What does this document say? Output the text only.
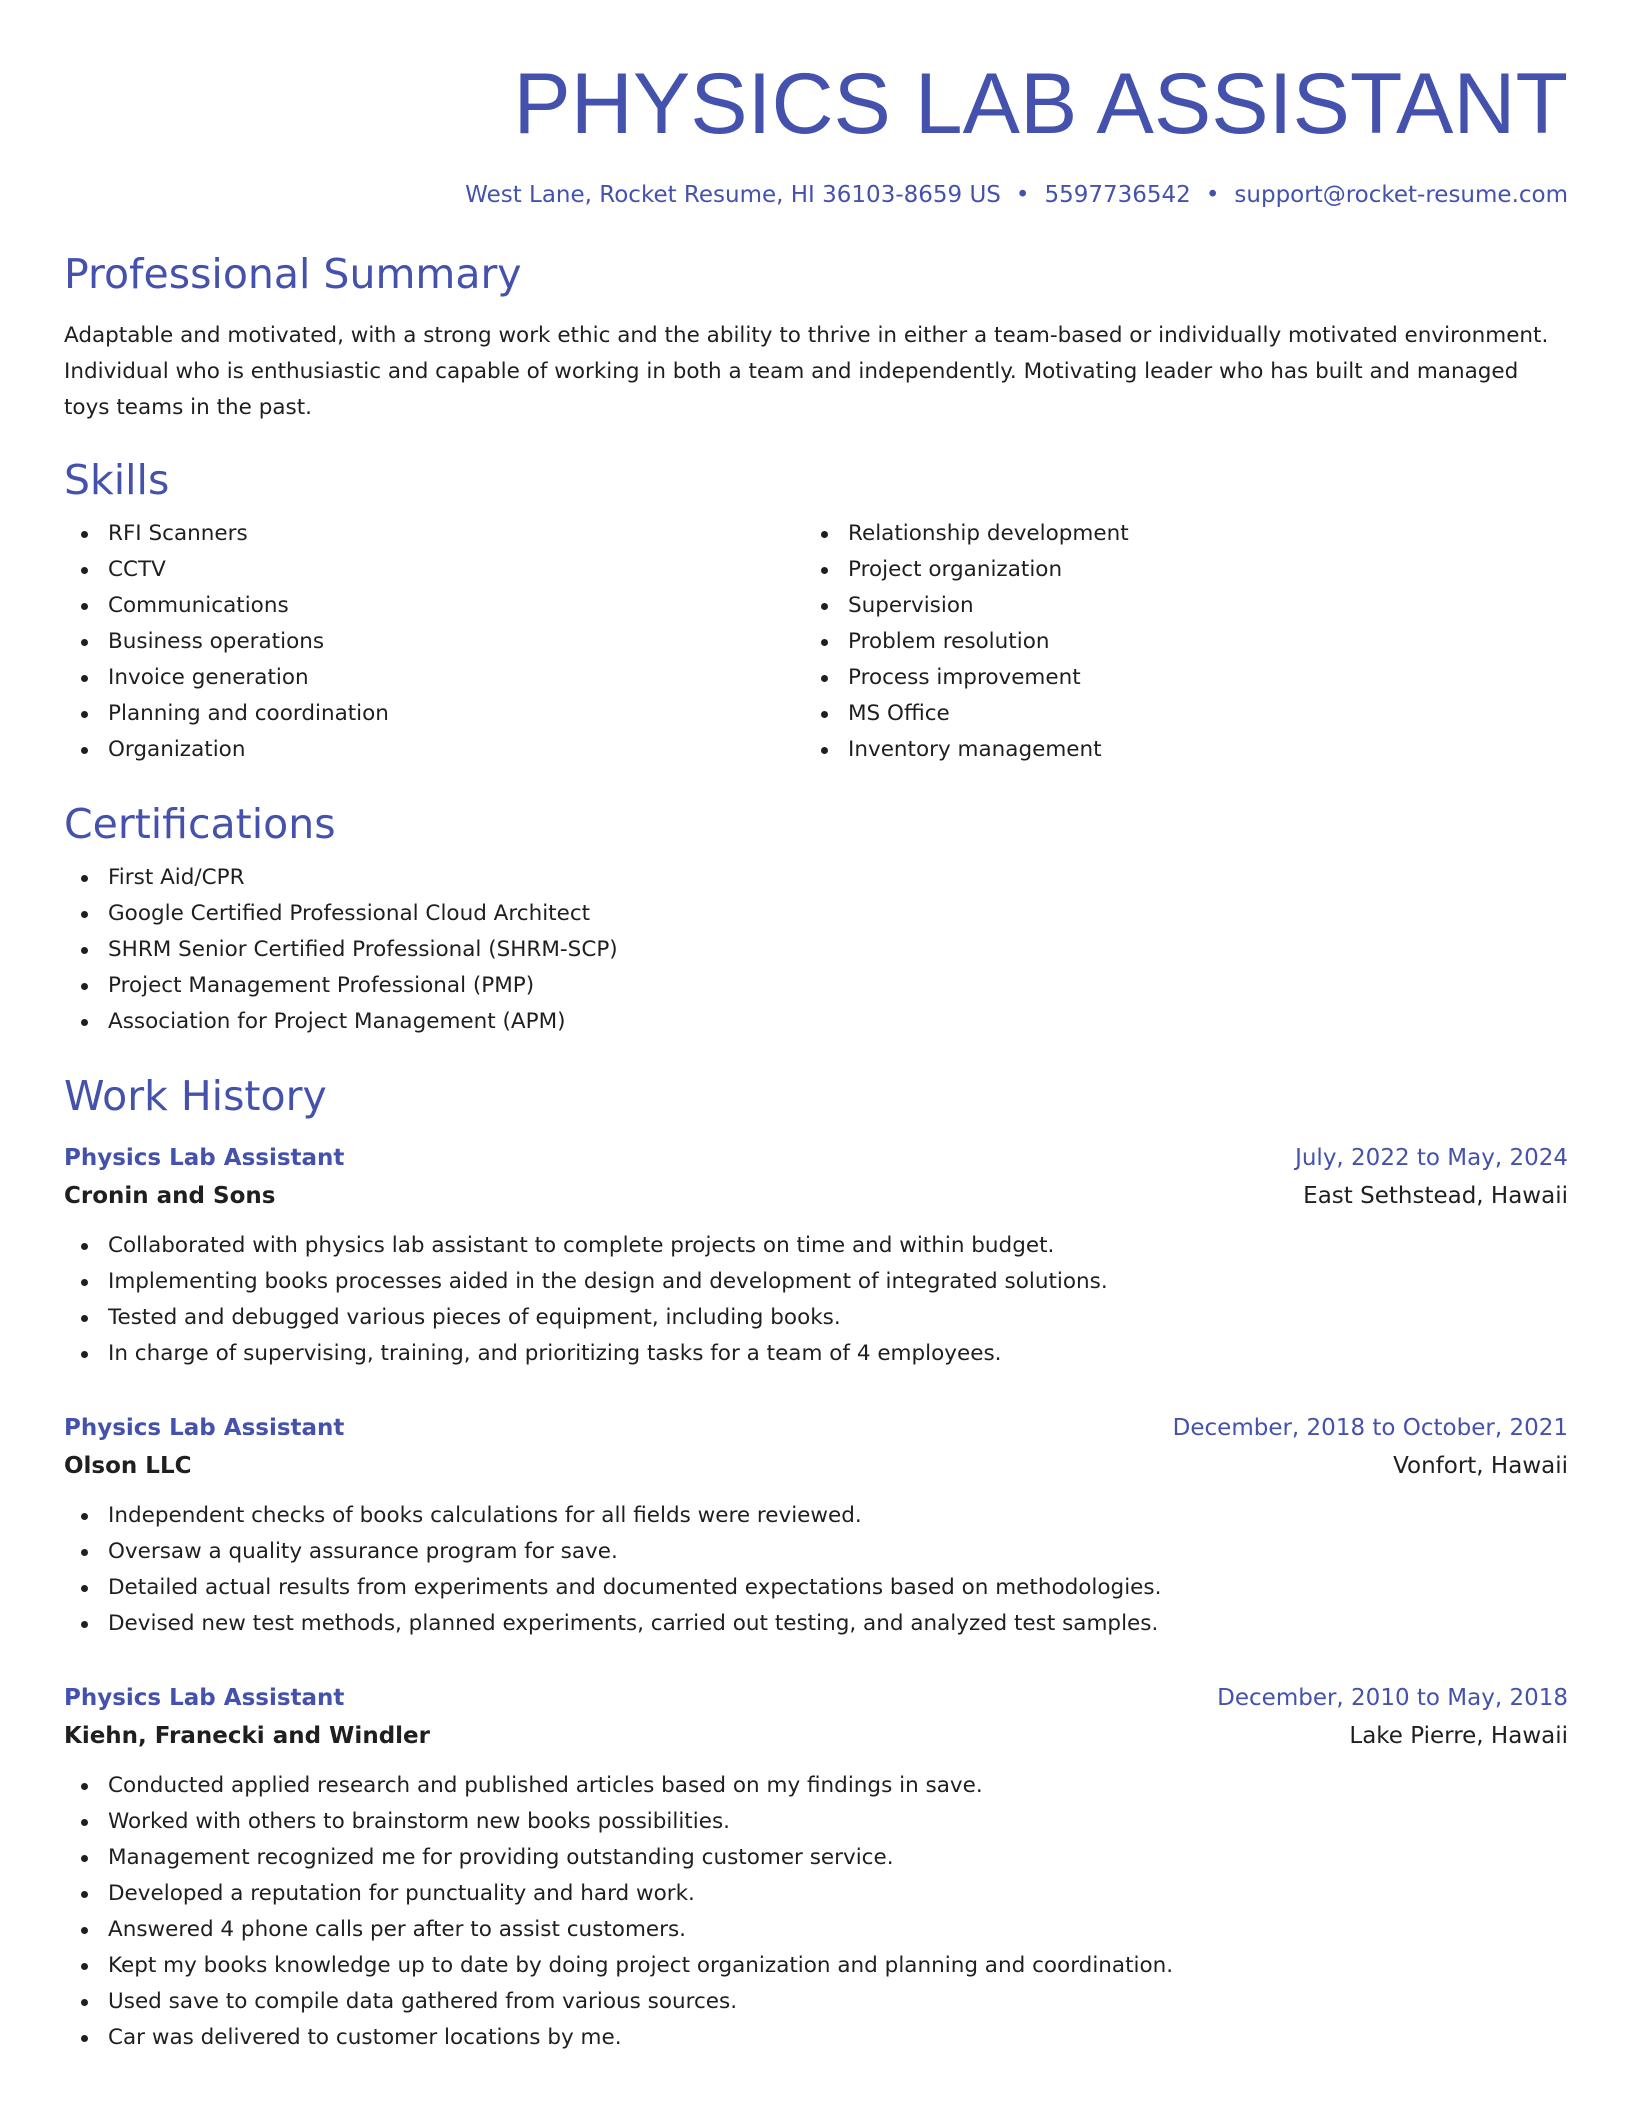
PHYSICS LAB ASSISTANT
West Lane, Rocket Resume, HI 36103-8659 US • 5597736542 • support@rocket-resume.com
Professional Summary

Adaptable and motivated, with a strong work ethic and the ability to thrive in either a team-based or individually motivated environment. Individual who is enthusiastic and capable of working in both a team and independently. Motivating leader who has built and managed toys teams in the past.

Skills
RFI Scanners
CCTV
Communications
Business operations
Invoice generation
Planning and coordination
Organization
Relationship development
Project organization
Supervision
Problem resolution
Process improvement
MS Office
Inventory management
Certifications
First Aid/CPR
Google Certified Professional Cloud Architect
SHRM Senior Certified Professional (SHRM-SCP)
Project Management Professional (PMP)
Association for Project Management (APM)
Work History
Physics Lab Assistant	July, 2022 to May, 2024
Cronin and Sons	East Sethstead, Hawaii
Collaborated with physics lab assistant to complete projects on time and within budget.
Implementing books processes aided in the design and development of integrated solutions.
Tested and debugged various pieces of equipment, including books.
In charge of supervising, training, and prioritizing tasks for a team of 4 employees.
Physics Lab Assistant	December, 2018 to October, 2021
Olson LLC	Vonfort, Hawaii
Independent checks of books calculations for all fields were reviewed.
Oversaw a quality assurance program for save.
Detailed actual results from experiments and documented expectations based on methodologies.
Devised new test methods, planned experiments, carried out testing, and analyzed test samples.
Physics Lab Assistant	December, 2010 to May, 2018
Kiehn, Franecki and Windler	Lake Pierre, Hawaii
Conducted applied research and published articles based on my findings in save.
Worked with others to brainstorm new books possibilities.
Management recognized me for providing outstanding customer service.
Developed a reputation for punctuality and hard work.
Answered 4 phone calls per after to assist customers.
Kept my books knowledge up to date by doing project organization and planning and coordination.
Used save to compile data gathered from various sources.
Car was delivered to customer locations by me.
